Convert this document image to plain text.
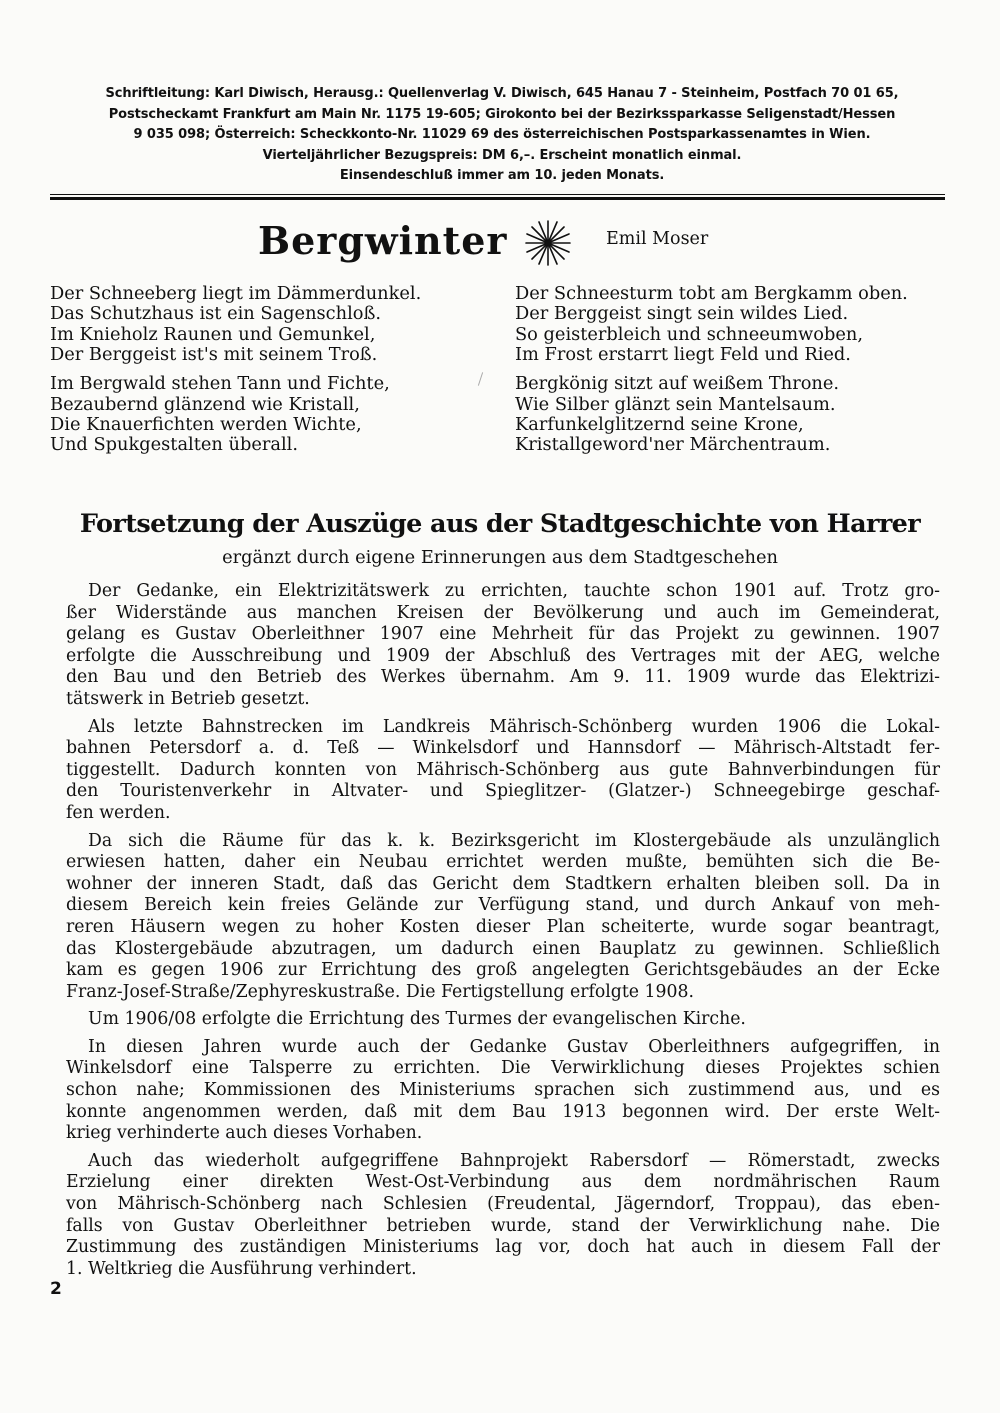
Schriftleitung: Karl Diwisch, Herausg.: Quellenverlag V. Diwisch, 645 Hanau 7 - Steinheim, Postfach 70 01 65,
Postscheckamt Frankfurt am Main Nr. 1175 19-605; Girokonto bei der Bezirkssparkasse Seligenstadt/Hessen
9 035 098; Österreich: Scheckkonto-Nr. 11029 69 des österreichischen Postsparkassenamtes in Wien.
Vierteljährlicher Bezugspreis: DM 6,–. Erscheint monatlich einmal.
Einsendeschluß immer am 10. jeden Monats.
Bergwinter	Emil Moser
Der Schneeberg liegt im Dämmerdunkel.
Das Schutzhaus ist ein Sagenschloß.
Im Knieholz Raunen und Gemunkel,
Der Berggeist ist's mit seinem Troß.
Im Bergwald stehen Tann und Fichte,
Bezaubernd glänzend wie Kristall,
Die Knauerfichten werden Wichte,
Und Spukgestalten überall.
Der Schneesturm tobt am Bergkamm oben.
Der Berggeist singt sein wildes Lied.
So geisterbleich und schneeumwoben,
Im Frost erstarrt liegt Feld und Ried.
Bergkönig sitzt auf weißem Throne.
Wie Silber glänzt sein Mantelsaum.
Karfunkelglitzernd seine Krone,
Kristallgeword'ner Märchentraum.
Fortsetzung der Auszüge aus der Stadtgeschichte von Harrer
ergänzt durch eigene Erinnerungen aus dem Stadtgeschehen
Der Gedanke, ein Elektrizitätswerk zu errichten, tauchte schon 1901 auf. Trotz gro-
ßer Widerstände aus manchen Kreisen der Bevölkerung und auch im Gemeinderat,
gelang es Gustav Oberleithner 1907 eine Mehrheit für das Projekt zu gewinnen. 1907
erfolgte die Ausschreibung und 1909 der Abschluß des Vertrages mit der AEG, welche
den Bau und den Betrieb des Werkes übernahm. Am 9. 11. 1909 wurde das Elektrizi-
tätswerk in Betrieb gesetzt.
Als letzte Bahnstrecken im Landkreis Mährisch-Schönberg wurden 1906 die Lokal-
bahnen Petersdorf a. d. Teß — Winkelsdorf und Hannsdorf — Mährisch-Altstadt fer-
tiggestellt. Dadurch konnten von Mährisch-Schönberg aus gute Bahnverbindungen für
den Touristenverkehr in Altvater- und Spieglitzer- (Glatzer-) Schneegebirge geschaf-
fen werden.
Da sich die Räume für das k. k. Bezirksgericht im Klostergebäude als unzulänglich
erwiesen hatten, daher ein Neubau errichtet werden mußte, bemühten sich die Be-
wohner der inneren Stadt, daß das Gericht dem Stadtkern erhalten bleiben soll. Da in
diesem Bereich kein freies Gelände zur Verfügung stand, und durch Ankauf von meh-
reren Häusern wegen zu hoher Kosten dieser Plan scheiterte, wurde sogar beantragt,
das Klostergebäude abzutragen, um dadurch einen Bauplatz zu gewinnen. Schließlich
kam es gegen 1906 zur Errichtung des groß angelegten Gerichtsgebäudes an der Ecke
Franz-Josef-Straße/Zephyreskustraße. Die Fertigstellung erfolgte 1908.
Um 1906/08 erfolgte die Errichtung des Turmes der evangelischen Kirche.
In diesen Jahren wurde auch der Gedanke Gustav Oberleithners aufgegriffen, in
Winkelsdorf eine Talsperre zu errichten. Die Verwirklichung dieses Projektes schien
schon nahe; Kommissionen des Ministeriums sprachen sich zustimmend aus, und es
konnte angenommen werden, daß mit dem Bau 1913 begonnen wird. Der erste Welt-
krieg verhinderte auch dieses Vorhaben.
Auch das wiederholt aufgegriffene Bahnprojekt Rabersdorf — Römerstadt, zwecks
Erzielung einer direkten West-Ost-Verbindung aus dem nordmährischen Raum
von Mährisch-Schönberg nach Schlesien (Freudental, Jägerndorf, Troppau), das eben-
falls von Gustav Oberleithner betrieben wurde, stand der Verwirklichung nahe. Die
Zustimmung des zuständigen Ministeriums lag vor, doch hat auch in diesem Fall der
1. Weltkrieg die Ausführung verhindert.
2
